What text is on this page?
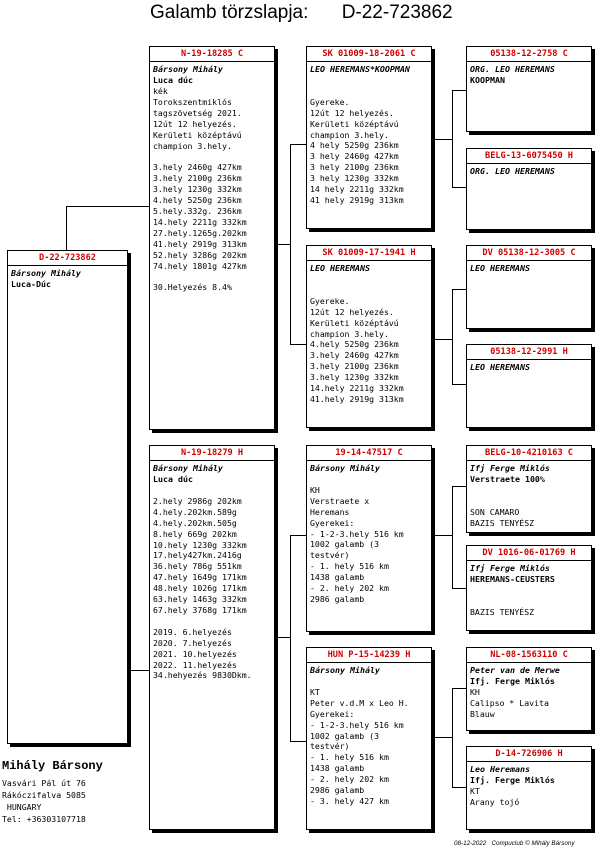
Galamb törzslapja: D-22-723862
D-22-723862
Bársony Mihály
Luca-Dúc
N-19-18285 C
Bársony Mihály
Luca dúc
kék
Torokszentmiklós
tagszövetség 2021.
12út 12 helyezés.
Kerületi középtávú
champion 3.hely.

3.hely 2460g 427km
3.hely 2100g 236km
3.hely 1230g 332km
4.hely 5250g 236km
5.hely.332g. 236km
14.hely 2211g 332km
27.hely.1265g.202km
41.hely 2919g 313km
52.hely 3286g 202km
74.hely 1801g 427km

30.Helyezés 8.4%
N-19-18279 H
Bársony Mihály
Luca dúc

2.hely 2986g 202km
4.hely.202km.589g
4.hely.202km.505g
8.hely 669g 202km
10.hely 1230g 332km
17.hely427km.2416g
36.hely 786g 551km
47.hely 1649g 171km
48.hely 1026g 171km
63.hely 1463g 332km
67.hely 3768g 171km

2019. 6.helyezés
2020. 7.helyezés
2021. 10.helyezés
2022. 11.helyezés
34.hehyezés 9830Dkm.
SK 01009-18-2061 C
LEO HEREMANS*KOOPMAN

Gyereke.
12út 12 helyezés.
Kerületi középtávú
champion 3.hely.
4 hely 5250g 236km
3 hely 2460g 427km
3 hely 2100g 236km
3 hely 1230g 332km
14 hely 2211g 332km
41 hely 2919g 313km
SK 01009-17-1941 H
LEO HEREMANS

Gyereke.
12út 12 helyezés.
Kerületi középtávú
champion 3.hely.
4.hely 5250g 236km
3.hely 2460g 427km
3.hely 2100g 236km
3.hely 1230g 332km
14.hely 2211g 332km
41.hely 2919g 313km
19-14-47517 C
Bársony Mihály

KH
Verstraete x
Heremans
Gyerekei:
- 1-2-3.hely 516 km
1002 galamb (3
testvér)
- 1. hely 516 km
1438 galamb
- 2. hely 202 km
2986 galamb
HUN P-15-14239 H
Bársony Mihály

KT
Peter v.d.M x Leo H.
Gyerekei:
- 1-2-3.hely 516 km
1002 galamb (3
testvér)
- 1. hely 516 km
1438 galamb
- 2. hely 202 km
2986 galamb
- 3. hely 427 km
05138-12-2758 C
ORG. LEO HEREMANS
KOOPMAN
BELG-13-6075450 H
ORG. LEO HEREMANS
DV 05138-12-3005 C
LEO HEREMANS
05138-12-2991 H
LEO HEREMANS
BELG-10-4210163 C
Ifj Ferge Miklós
Verstraete 100%

SON CAMARO
BAZIS TENYÉSZ
DV 1016-06-01769 H
Ifj Ferge Miklós
HEREMANS-CEUSTERS

BAZIS TENYÉSZ
NL-08-1563110 C
Peter van de Merwe
Ifj. Ferge Miklós
KH
Calipso * Lavita
Blauw
D-14-726906 H
Leo Heremans
Ifj. Ferge Miklós
KT
Arany tojó
Mihály Bársony
Vasvári Pál út 76
Rákóczifalva 5085
HUNGARY
Tel: +36303107718
08-12-2022 Compuclub © Mihály Bársony
